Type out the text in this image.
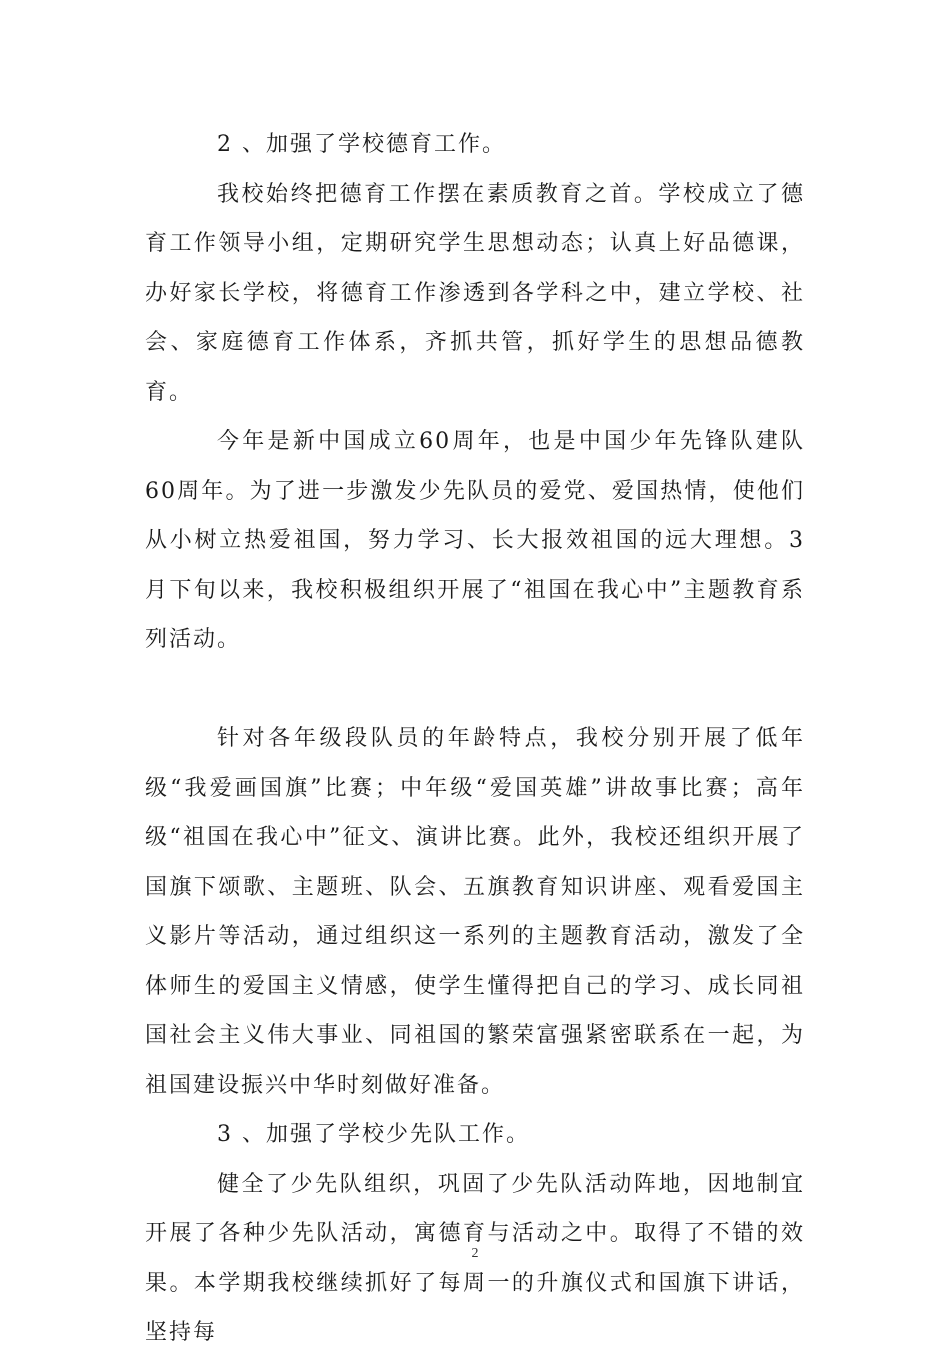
2 、加强了学校德育工作。

我校始终把德育工作摆在素质教育之首。学校成立了德育工作领导小组，定期研究学生思想动态；认真上好品德课，办好家长学校，将德育工作渗透到各学科之中，建立学校、社会、家庭德育工作体系，齐抓共管，抓好学生的思想品德教育。

今年是新中国成立60周年，也是中国少年先锋队建队60周年。为了进一步激发少先队员的爱党、爱国热情，使他们从小树立热爱祖国，努力学习、长大报效祖国的远大理想。3 月下旬以来，我校积极组织开展了“祖国在我心中”主题教育系列活动。

针对各年级段队员的年龄特点，我校分别开展了低年级“我爱画国旗”比赛；中年级“爱国英雄”讲故事比赛；高年级“祖国在我心中”征文、演讲比赛。此外，我校还组织开展了国旗下颂歌、主题班、队会、五旗教育知识讲座、观看爱国主义影片等活动，通过组织这一系列的主题教育活动，激发了全体师生的爱国主义情感，使学生懂得把自己的学习、成长同祖国社会主义伟大事业、同祖国的繁荣富强紧密联系在一起，为祖国建设振兴中华时刻做好准备。

3 、加强了学校少先队工作。

健全了少先队组织，巩固了少先队活动阵地，因地制宜开展了各种少先队活动，寓德育与活动之中。取得了不错的效果。本学期我校继续抓好了每周一的升旗仪式和国旗下讲话，坚持每

2
